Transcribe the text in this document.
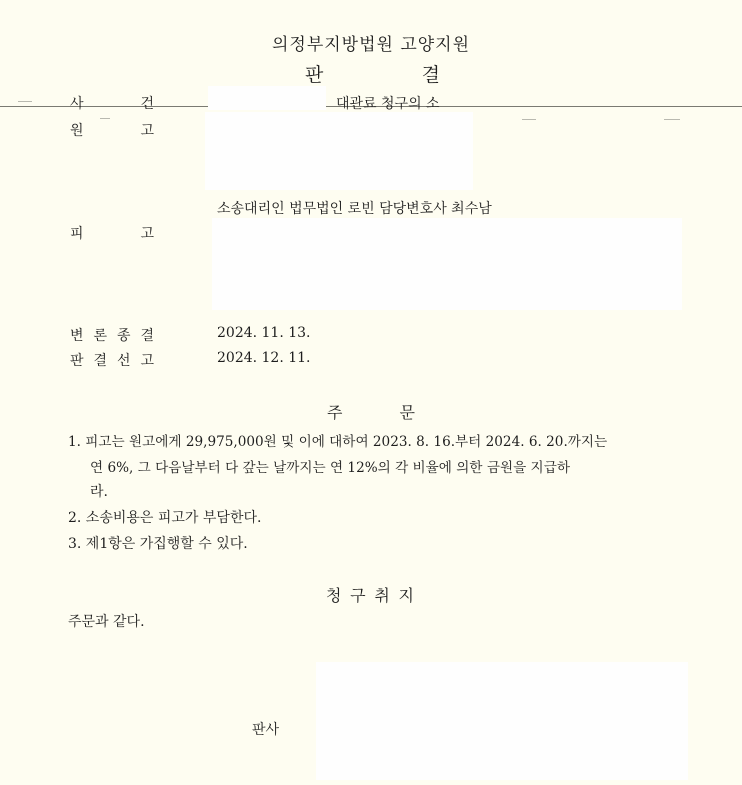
의정부지방법원 고양지원
판	결
사	건	대관료 청구의 소
원	고
소송대리인 법무법인 로빈 담당변호사 최수남
피	고
변 론 종 결	2024. 11. 13.
판 결 선 고	2024. 12. 11.
주	문
1. 피고는 원고에게 29,975,000원 및 이에 대하여 2023. 8. 16.부터 2024. 6. 20.까지는
연 6%, 그 다음날부터 다 갚는 날까지는 연 12%의 각 비율에 의한 금원을 지급하
라.
2. 소송비용은 피고가 부담한다.
3. 제1항은 가집행할 수 있다.
청 구 취 지
주문과 같다.
판사
